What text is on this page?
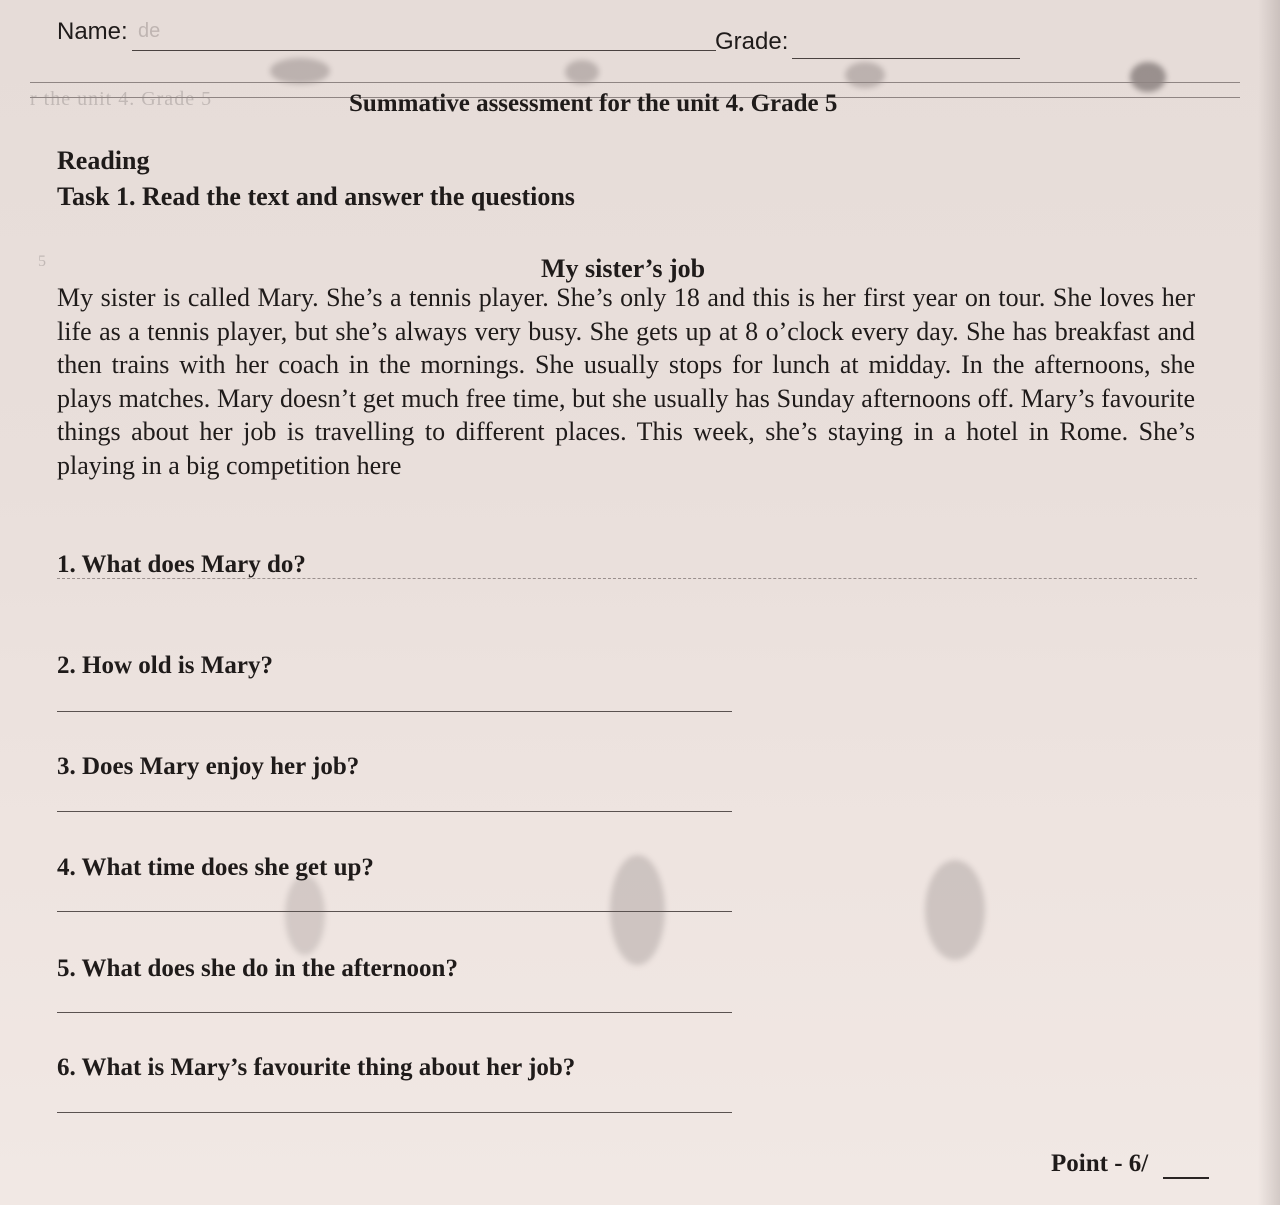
Name: de	Grade:
r the unit 4. Grade 5	Summative assessment for the unit 4. Grade 5
Reading
Task 1. Read the text and answer the questions
5	My sister’s job
My sister is called Mary. She’s a tennis player. She’s only 18 and this is her first year on tour. She loves her life as a tennis player, but she’s always very busy. She gets up at 8 o’clock every day. She has breakfast and then trains with her coach in the mornings. She usually stops for lunch at midday. In the afternoons, she plays matches. Mary doesn’t get much free time, but she usually has Sunday afternoons off. Mary’s favourite things about her job is travelling to different places. This week, she’s staying in a hotel in Rome. She’s playing in a big competition here
1. What does Mary do?
2. How old is Mary?
3. Does Mary enjoy her job?
4. What time does she get up?
5. What does she do in the afternoon?
6. What is Mary’s favourite thing about her job?
Point - 6/
